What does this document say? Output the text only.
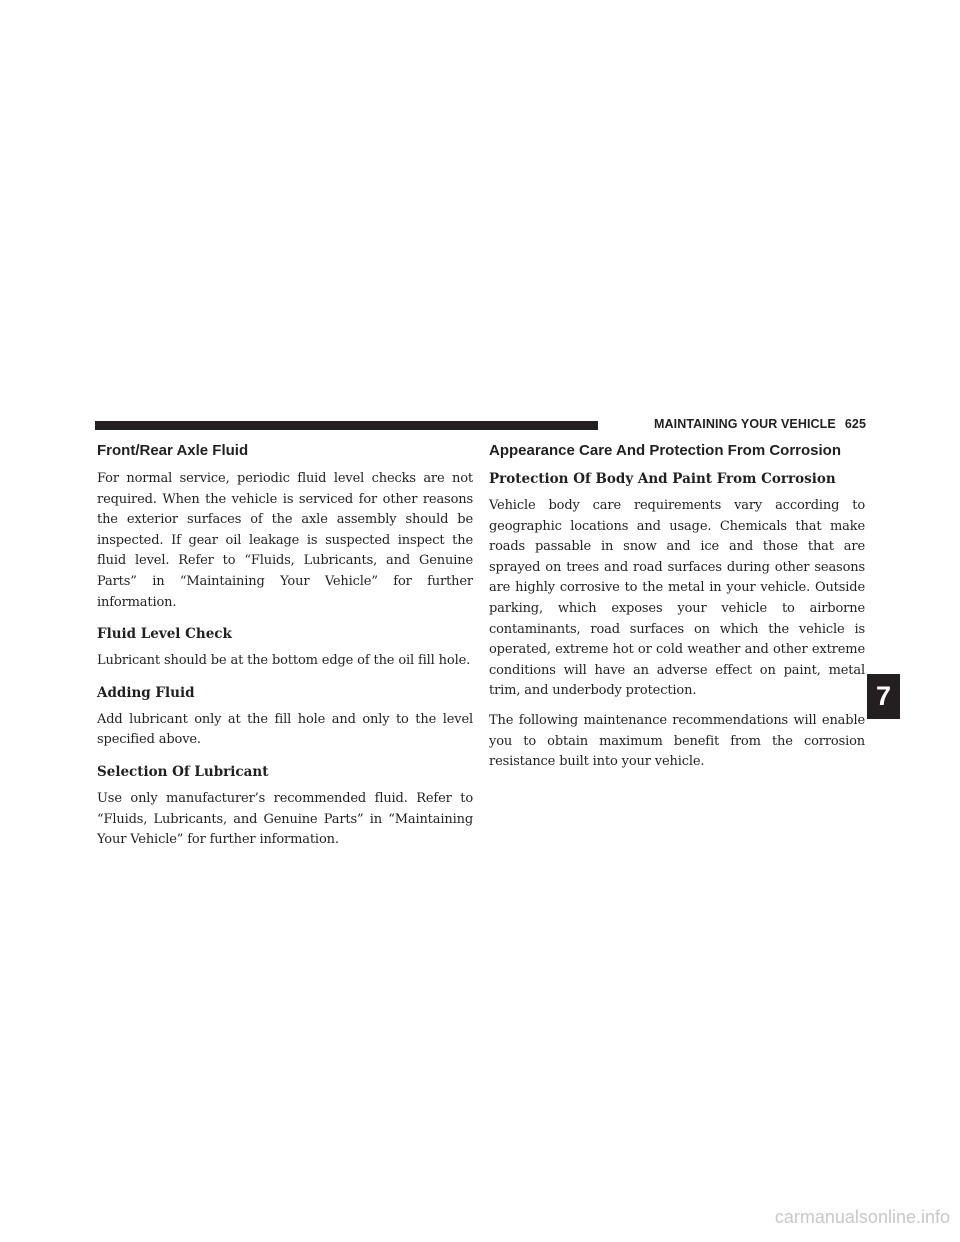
MAINTAINING YOUR VEHICLE 625
Front/Rear Axle Fluid

For normal service, periodic fluid level checks are not required. When the vehicle is serviced for other reasons the exterior surfaces of the axle assembly should be inspected. If gear oil leakage is suspected inspect the fluid level. Refer to “Fluids, Lubricants, and Genuine Parts” in “Maintaining Your Vehicle” for further information.

Fluid Level Check

Lubricant should be at the bottom edge of the oil fill hole.

Adding Fluid

Add lubricant only at the fill hole and only to the level specified above.

Selection Of Lubricant

Use only manufacturer’s recommended fluid. Refer to “Fluids, Lubricants, and Genuine Parts” in “Maintaining Your Vehicle” for further information.

Appearance Care And Protection From Corrosion
Protection Of Body And Paint From Corrosion

Vehicle body care requirements vary according to geographic locations and usage. Chemicals that make roads passable in snow and ice and those that are sprayed on trees and road surfaces during other seasons are highly corrosive to the metal in your vehicle. Outside parking, which exposes your vehicle to airborne contaminants, road surfaces on which the vehicle is operated, extreme hot or cold weather and other extreme conditions will have an adverse effect on paint, metal trim, and underbody protection.

The following maintenance recommendations will enable you to obtain maximum benefit from the corrosion resistance built into your vehicle.

7
carmanualsonline.info
